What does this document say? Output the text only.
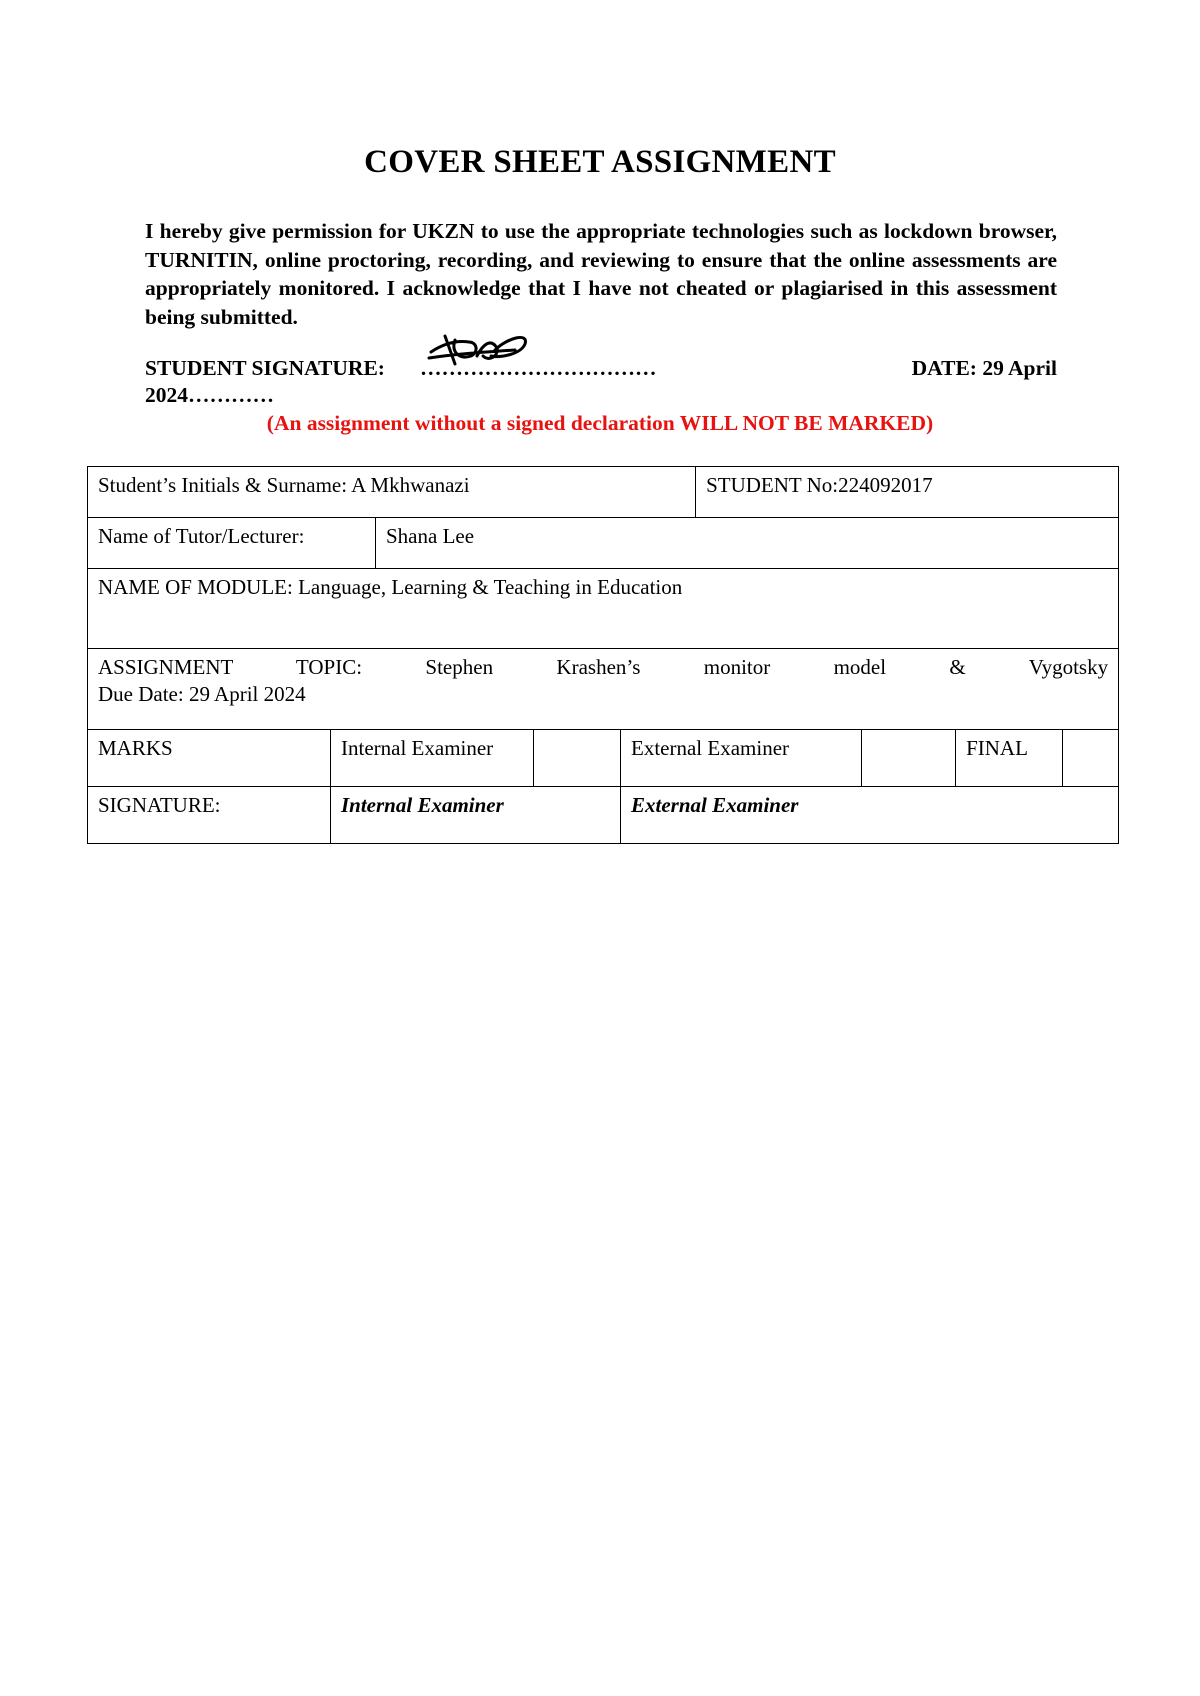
COVER SHEET ASSIGNMENT
I hereby give permission for UKZN to use the appropriate technologies such as lockdown browser, TURNITIN, online proctoring, recording, and reviewing to ensure that the online assessments are appropriately monitored. I acknowledge that I have not cheated or plagiarised in this assessment being submitted.
STUDENT SIGNATURE: ……………………………	DATE: 29 April
2024…………
(An assignment without a signed declaration WILL NOT BE MARKED)
Student’s Initials & Surname: A Mkhwanazi					STUDENT No:224092017			
Name of Tutor/Lecturer:		Shana Lee						
NAME OF MODULE: Language, Learning & Teaching in Education								

ASSIGNMENT TOPIC: Stephen Krashen’s monitor model & Vygotsky
Due Date: 29 April 2024								

MARKS	Internal Examiner			External Examiner			FINAL	
SIGNATURE:	Internal Examiner			External Examiner				
